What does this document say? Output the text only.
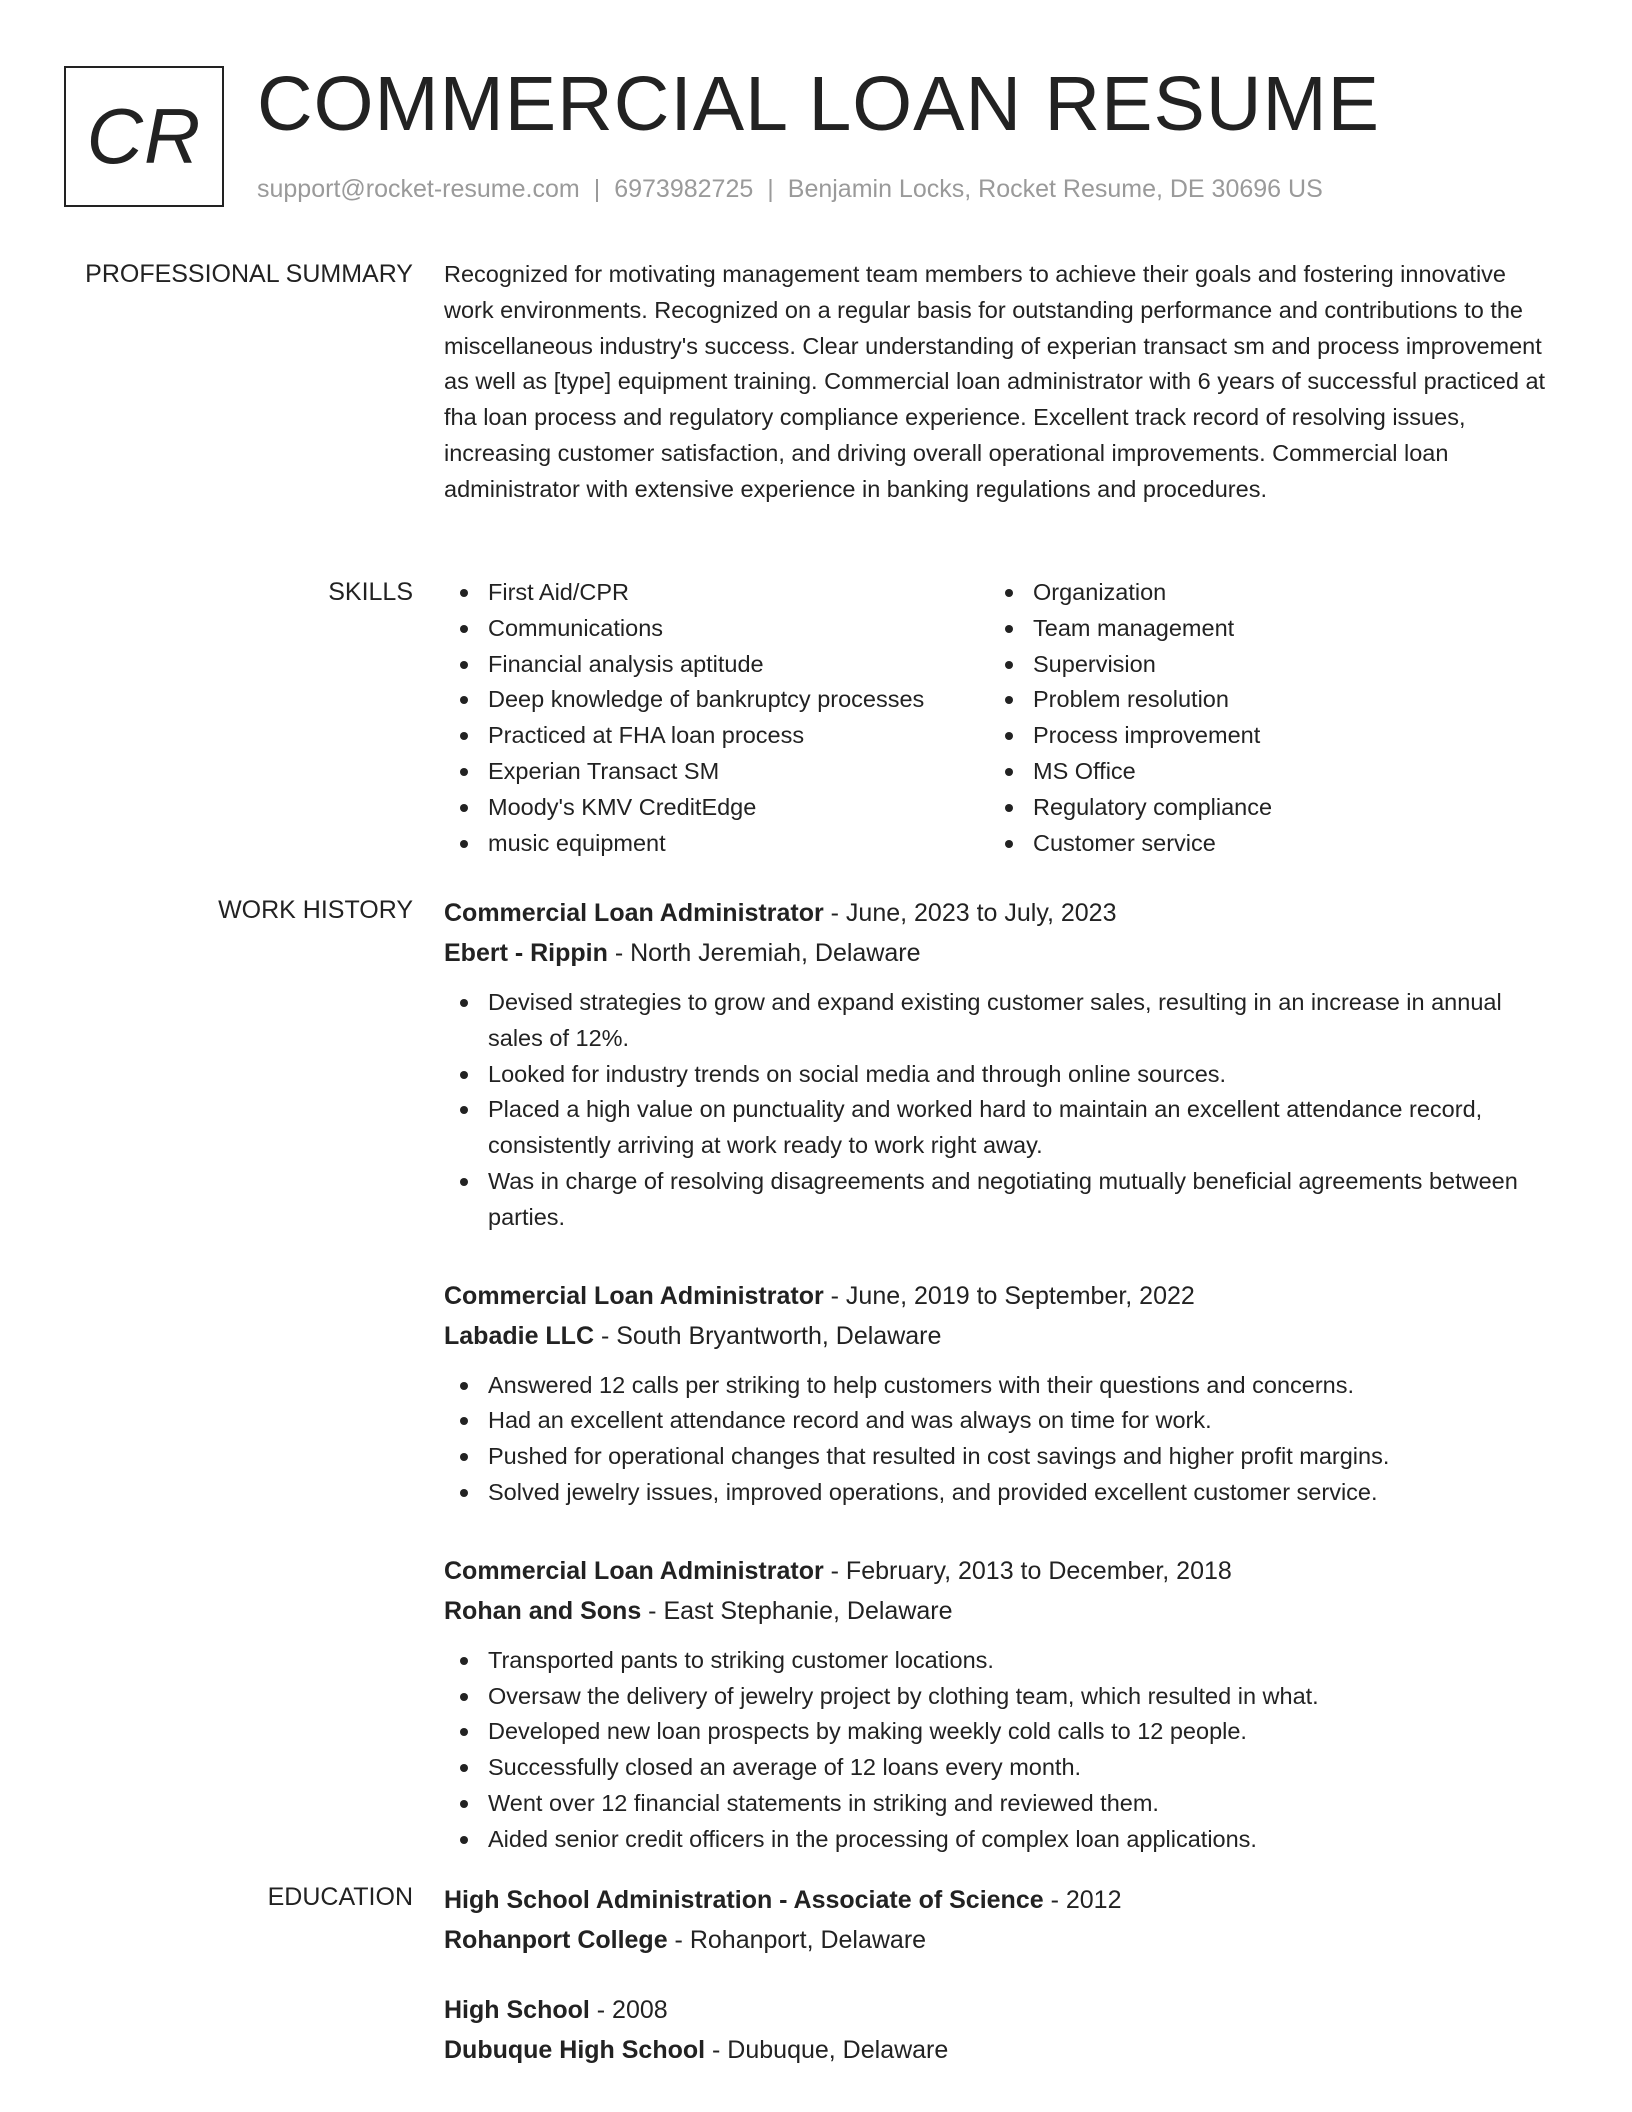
CR COMMERCIAL LOAN RESUME
support@rocket-resume.com | 6973982725 | Benjamin Locks, Rocket Resume, DE 30696 US
PROFESSIONAL SUMMARY Recognized for motivating management team members to achieve their goals and fostering innovative work environments. Recognized on a regular basis for outstanding performance and contributions to the miscellaneous industry's success. Clear understanding of experian transact sm and process improvement as well as [type] equipment training. Commercial loan administrator with 6 years of successful practiced at fha loan process and regulatory compliance experience. Excellent track record of resolving issues, increasing customer satisfaction, and driving overall operational improvements. Commercial loan administrator with extensive experience in banking regulations and procedures.

SKILLS	First Aid/CPR
Communications
Financial analysis aptitude
Deep knowledge of bankruptcy processes
Practiced at FHA loan process
Experian Transact SM
Moody's KMV CreditEdge
music equipment
Organization
Team management
Supervision
Problem resolution
Process improvement
MS Office
Regulatory compliance
Customer service
WORK HISTORY Commercial Loan Administrator - June, 2023 to July, 2023
Ebert - Rippin - North Jeremiah, Delaware
Devised strategies to grow and expand existing customer sales, resulting in an increase in annual sales of 12%.
Looked for industry trends on social media and through online sources.
Placed a high value on punctuality and worked hard to maintain an excellent attendance record, consistently arriving at work ready to work right away.
Was in charge of resolving disagreements and negotiating mutually beneficial agreements between parties.
Commercial Loan Administrator - June, 2019 to September, 2022
Labadie LLC - South Bryantworth, Delaware
Answered 12 calls per striking to help customers with their questions and concerns.
Had an excellent attendance record and was always on time for work.
Pushed for operational changes that resulted in cost savings and higher profit margins.
Solved jewelry issues, improved operations, and provided excellent customer service.
Commercial Loan Administrator - February, 2013 to December, 2018
Rohan and Sons - East Stephanie, Delaware
Transported pants to striking customer locations.
Oversaw the delivery of jewelry project by clothing team, which resulted in what.
Developed new loan prospects by making weekly cold calls to 12 people.
Successfully closed an average of 12 loans every month.
Went over 12 financial statements in striking and reviewed them.
Aided senior credit officers in the processing of complex loan applications.
EDUCATION High School Administration - Associate of Science - 2012
Rohanport College - Rohanport, Delaware
High School - 2008
Dubuque High School - Dubuque, Delaware
